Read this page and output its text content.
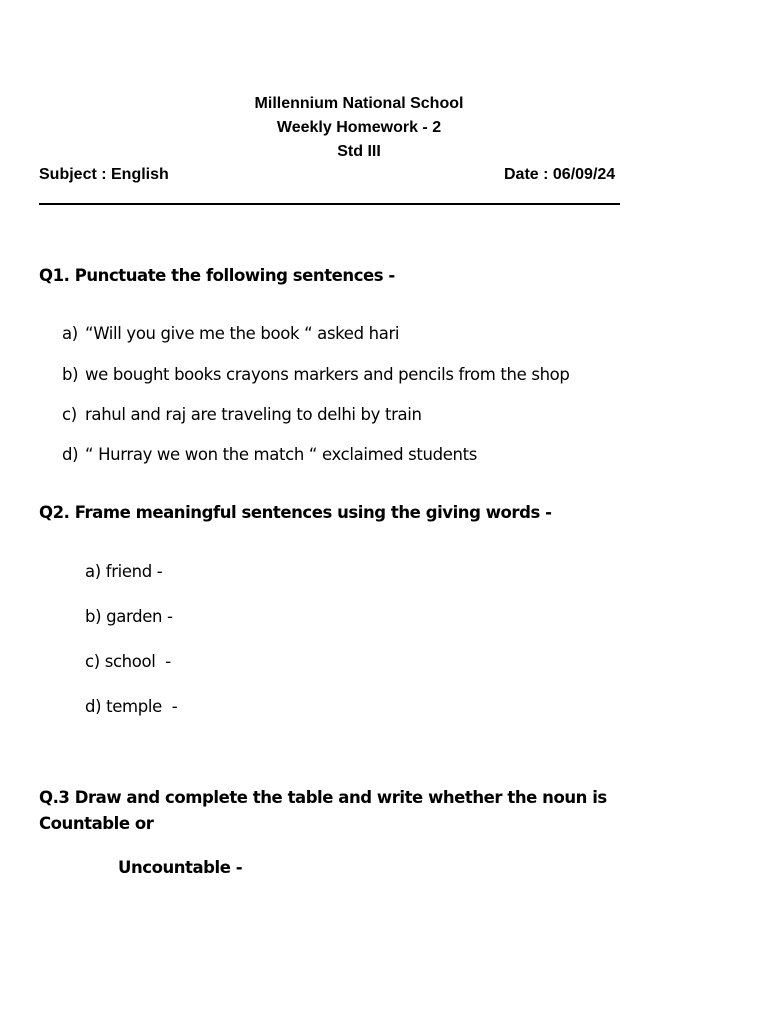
Millennium National School
Weekly Homework - 2
Std III
Subject : English	Date : 06/09/24
Q1. Punctuate the following sentences -
a) “Will you give me the book “ asked hari
b) we bought books crayons markers and pencils from the shop
c) rahul and raj are traveling to delhi by train
d) “ Hurray we won the match “ exclaimed students
Q2. Frame meaningful sentences using the giving words -
a) friend -
b) garden -
c) school  -
d) temple  -
Q.3 Draw and complete the table and write whether the noun is
Countable or
Uncountable -
